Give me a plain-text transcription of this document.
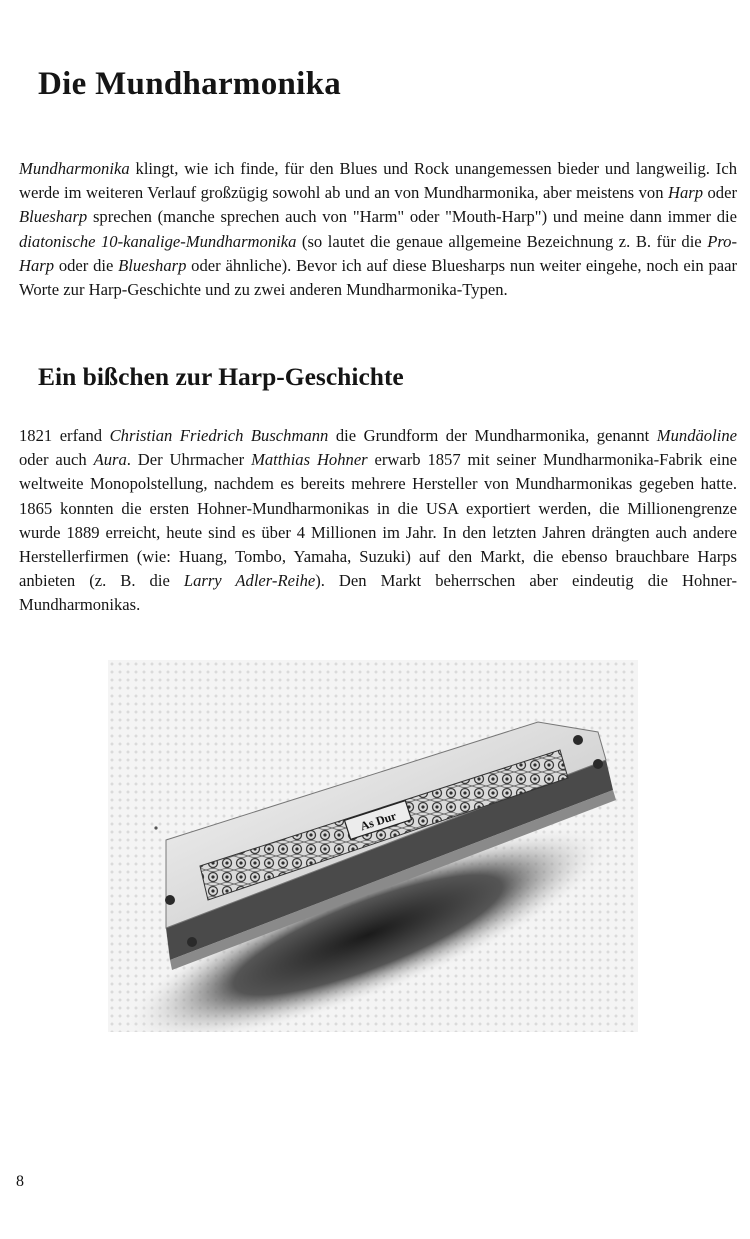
Die Mundharmonika

Mundharmonika klingt, wie ich finde, für den Blues und Rock unangemessen bieder und langweilig. Ich werde im weiteren Verlauf großzügig sowohl ab und an von Mundharmonika, aber meistens von Harp oder Bluesharp sprechen (manche sprechen auch von "Harm" oder "Mouth-Harp") und meine dann immer die diatonische 10-kanalige-Mundharmonika (so lautet die genaue allgemeine Bezeichnung z. B. für die Pro-Harp oder die Bluesharp oder ähnliche). Bevor ich auf diese Bluesharps nun weiter eingehe, noch ein paar Worte zur Harp-Geschichte und zu zwei anderen Mundharmonika-Typen.

Ein bißchen zur Harp-Geschichte

1821 erfand Christian Friedrich Buschmann die Grundform der Mundharmonika, genannt Mundäoline oder auch Aura. Der Uhrmacher Matthias Hohner erwarb 1857 mit seiner Mundharmonika-Fabrik eine weltweite Monopolstellung, nachdem es bereits mehrere Hersteller von Mundharmonikas gegeben hatte. 1865 konnten die ersten Hohner-Mundharmonikas in die USA exportiert werden, die Millionengrenze wurde 1889 erreicht, heute sind es über 4 Millionen im Jahr. In den letzten Jahren drängten auch andere Herstellerfirmen (wie: Huang, Tombo, Yamaha, Suzuki) auf den Markt, die ebenso brauchbare Harps anbieten (z. B. die Larry Adler-Reihe). Den Markt beherrschen aber eindeutig die Hohner-Mundharmonikas.

As Dur

8
